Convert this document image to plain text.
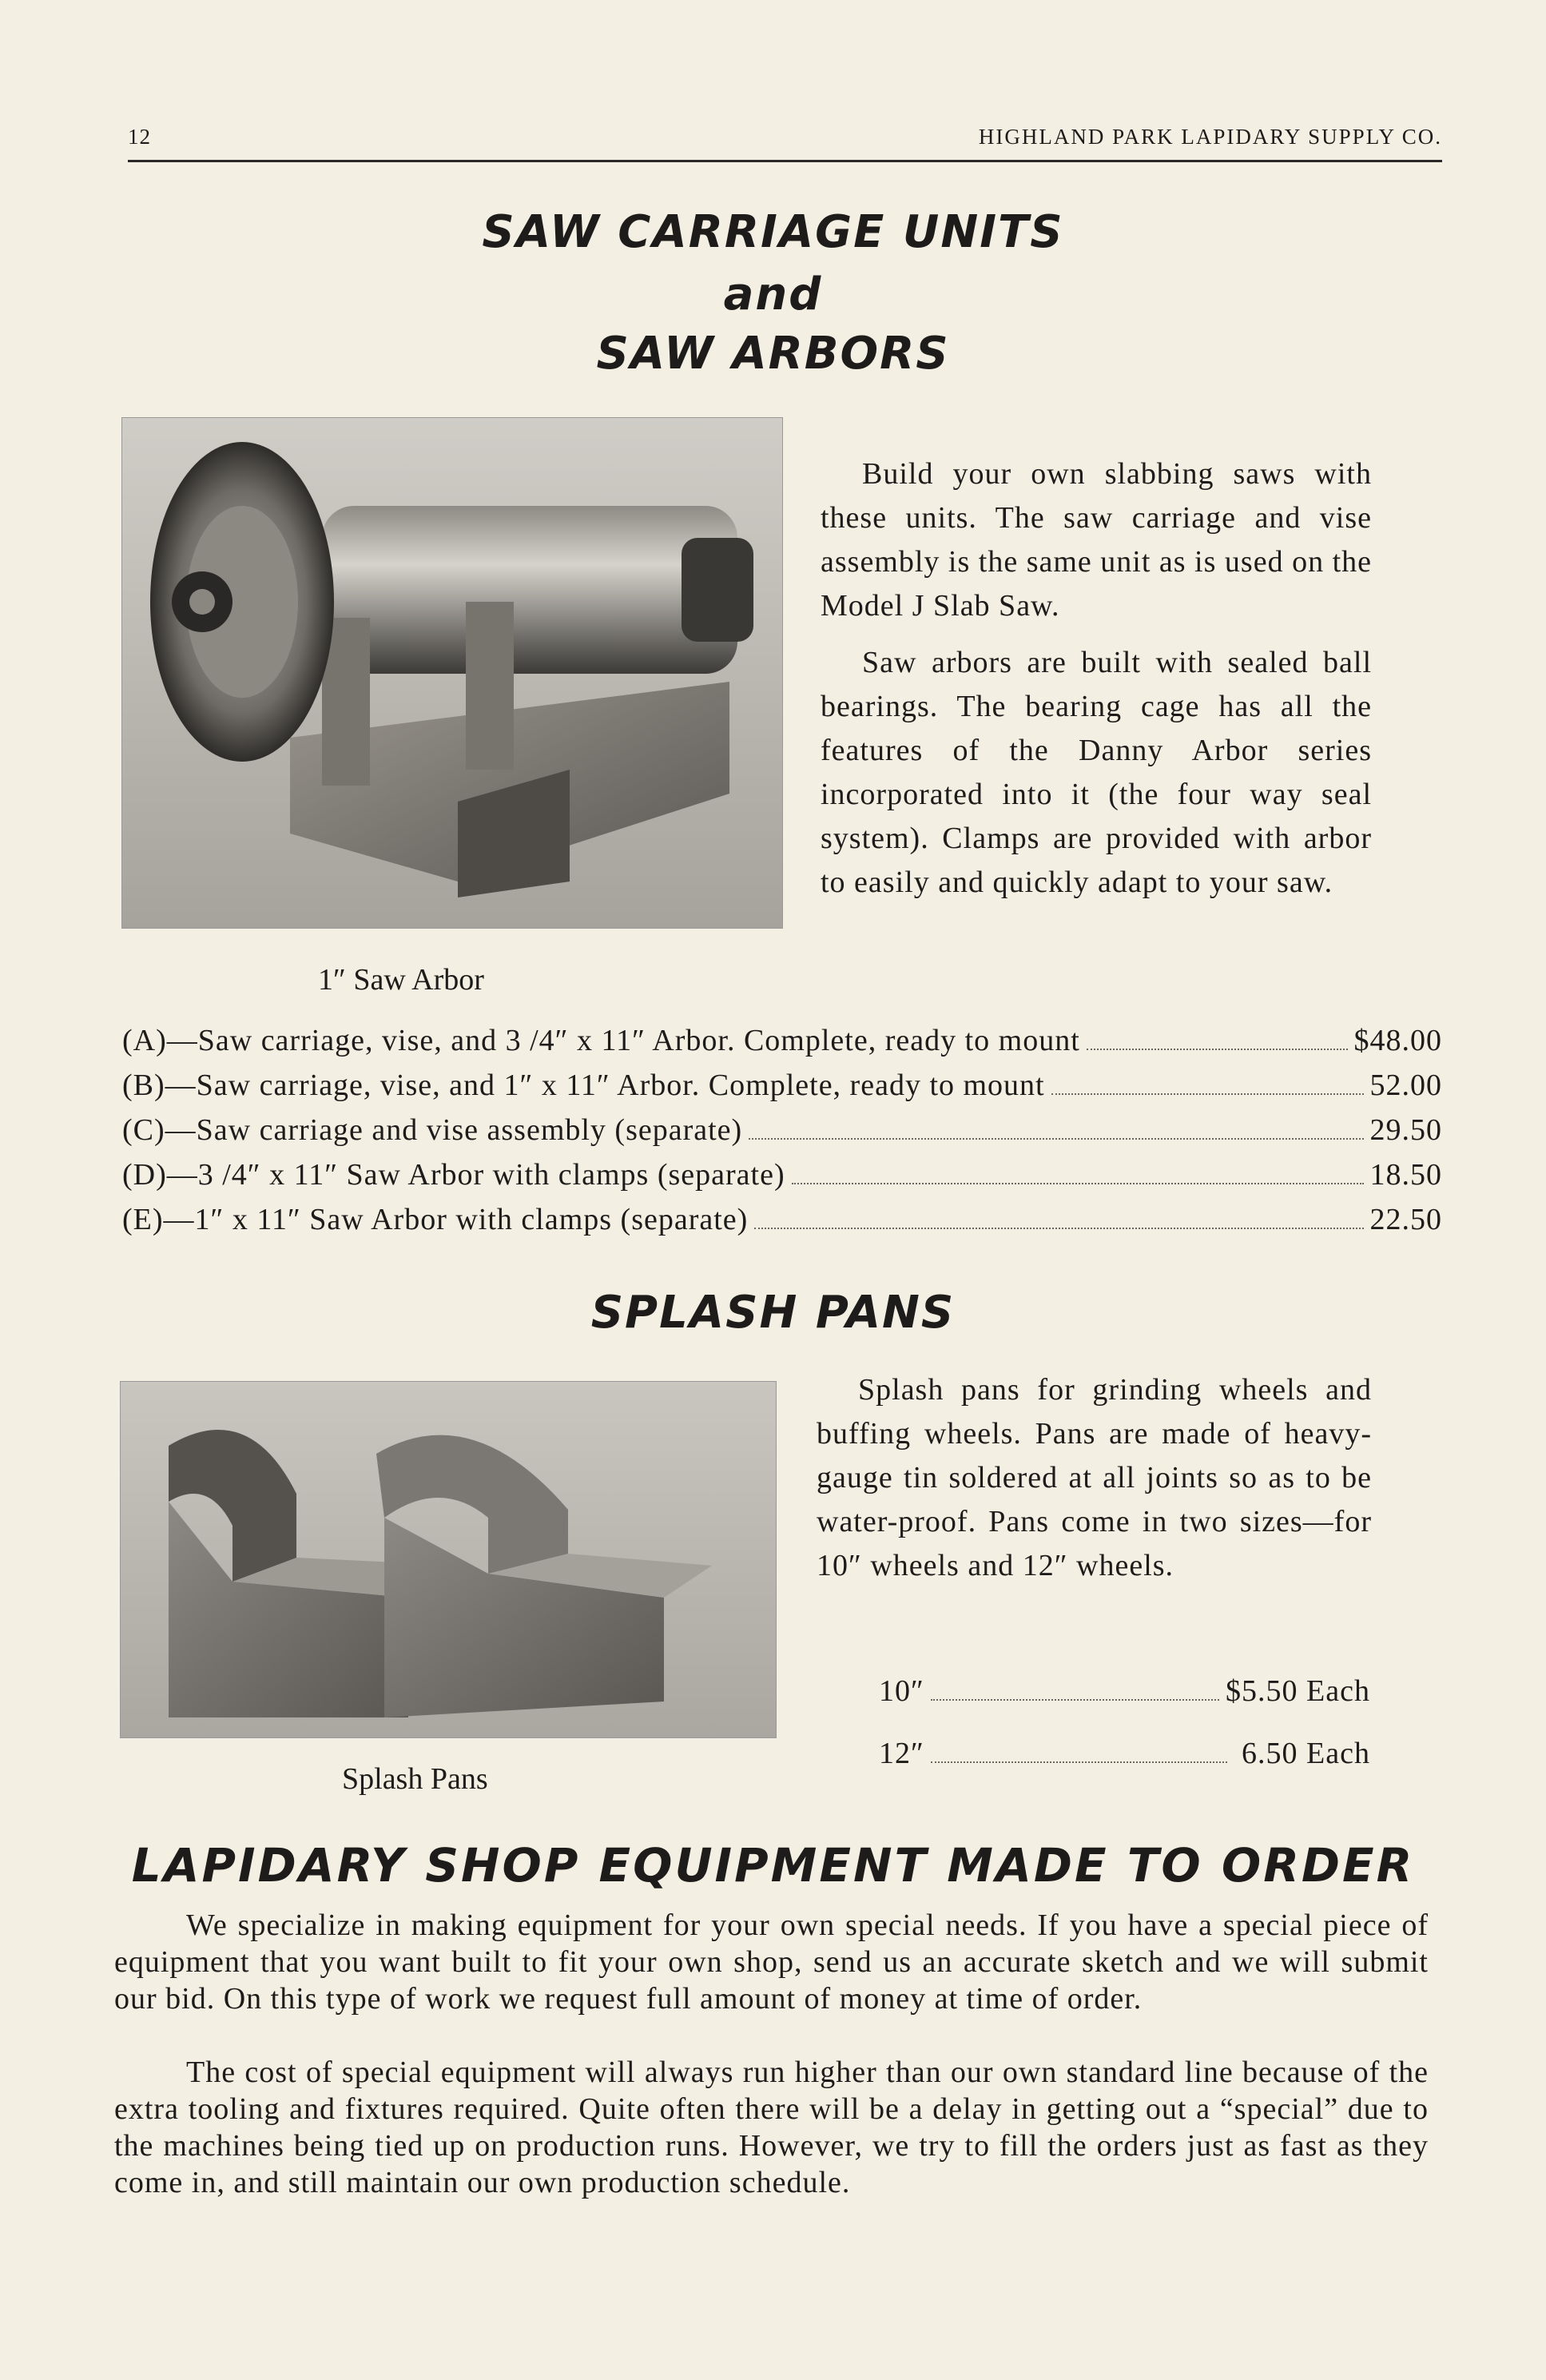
12	HIGHLAND PARK LAPIDARY SUPPLY CO.
SAW CARRIAGE UNITS
and
SAW ARBORS

Build your own slabbing saws with these units. The saw carriage and vise assembly is the same unit as is used on the Model J Slab Saw.

Saw arbors are built with sealed ball bearings. The bearing cage has all the features of the Danny Arbor series incorporated into it (the four way seal system). Clamps are provided with arbor to easily and quickly adapt to your saw.

1″ Saw Arbor
(A)—Saw carriage, vise, and 3 /4″ x 11″ Arbor. Complete, ready to mount	$48.00
(B)—Saw carriage, vise, and 1″ x 11″ Arbor. Complete, ready to mount	52.00
(C)—Saw carriage and vise assembly (separate)	29.50
(D)—3 /4″ x 11″ Saw Arbor with clamps (separate)	18.50
(E)—1″ x 11″ Saw Arbor with clamps (separate)	22.50
SPLASH PANS

Splash pans for grinding wheels and buffing wheels. Pans are made of heavy-gauge tin soldered at all joints so as to be water-proof. Pans come in two sizes—for 10″ wheels and 12″ wheels.

10″	$5.50 Each
12″	6.50 Each
Splash Pans
LAPIDARY SHOP EQUIPMENT MADE TO ORDER

We specialize in making equipment for your own special needs. If you have a special piece of equipment that you want built to fit your own shop, send us an accurate sketch and we will submit our bid. On this type of work we request full amount of money at time of order.

The cost of special equipment will always run higher than our own standard line because of the extra tooling and fixtures required. Quite often there will be a delay in getting out a “special” due to the machines being tied up on production runs. However, we try to fill the orders just as fast as they come in, and still maintain our own production schedule.
